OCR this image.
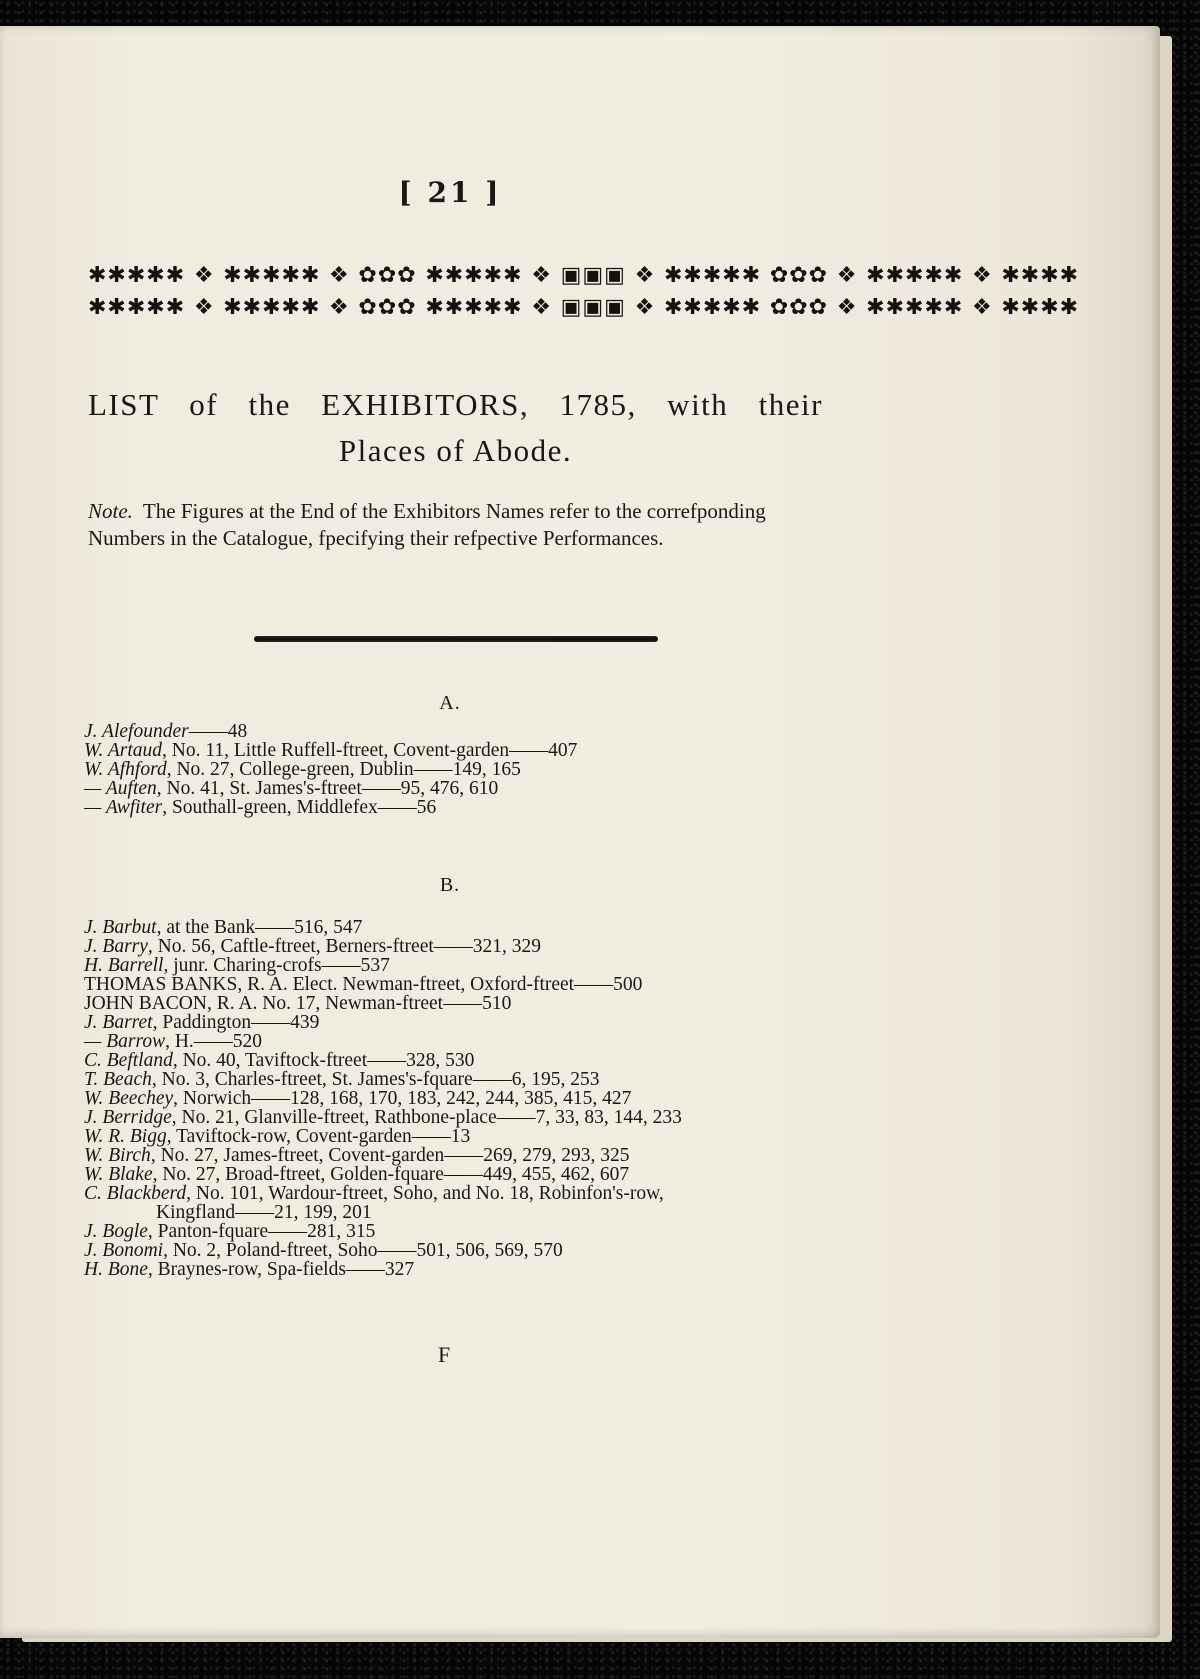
[ 21 ]
✱✱✱✱✱ ❖ ✱✱✱✱✱ ❖ ✿✿✿ ✱✱✱✱✱ ❖ ▣▣▣ ❖ ✱✱✱✱✱ ✿✿✿ ❖ ✱✱✱✱✱ ❖ ✱✱✱✱
✱✱✱✱✱ ❖ ✱✱✱✱✱ ❖ ✿✿✿ ✱✱✱✱✱ ❖ ▣▣▣ ❖ ✱✱✱✱✱ ✿✿✿ ❖ ✱✱✱✱✱ ❖ ✱✱✱✱
LIST of the EXHIBITORS, 1785, with their
Places of Abode.
Note. The Figures at the End of the Exhibitors Names refer to the correfponding Numbers in the Catalogue, fpecifying their refpective Performances.
A.
J. Alefounder——48
W. Artaud, No. 11, Little Ruffell-ftreet, Covent-garden——407
W. Afhford, No. 27, College-green, Dublin——149, 165
— Auften, No. 41, St. James's-ftreet——95, 476, 610
— Awfiter, Southall-green, Middlefex——56
B.
J. Barbut, at the Bank——516, 547
J. Barry, No. 56, Caftle-ftreet, Berners-ftreet——321, 329
H. Barrell, junr. Charing-crofs——537
THOMAS BANKS, R. A. Elect. Newman-ftreet, Oxford-ftreet——500
JOHN BACON, R. A. No. 17, Newman-ftreet——510
J. Barret, Paddington——439
— Barrow, H.——520
C. Beftland, No. 40, Taviftock-ftreet——328, 530
T. Beach, No. 3, Charles-ftreet, St. James's-fquare——6, 195, 253
W. Beechey, Norwich——128, 168, 170, 183, 242, 244, 385, 415, 427
J. Berridge, No. 21, Glanville-ftreet, Rathbone-place——7, 33, 83, 144, 233
W. R. Bigg, Taviftock-row, Covent-garden——13
W. Birch, No. 27, James-ftreet, Covent-garden——269, 279, 293, 325
W. Blake, No. 27, Broad-ftreet, Golden-fquare——449, 455, 462, 607
C. Blackberd, No. 101, Wardour-ftreet, Soho, and No. 18, Robinfon's-row,
Kingfland——21, 199, 201
J. Bogle, Panton-fquare——281, 315
J. Bonomi, No. 2, Poland-ftreet, Soho——501, 506, 569, 570
H. Bone, Braynes-row, Spa-fields——327
F
